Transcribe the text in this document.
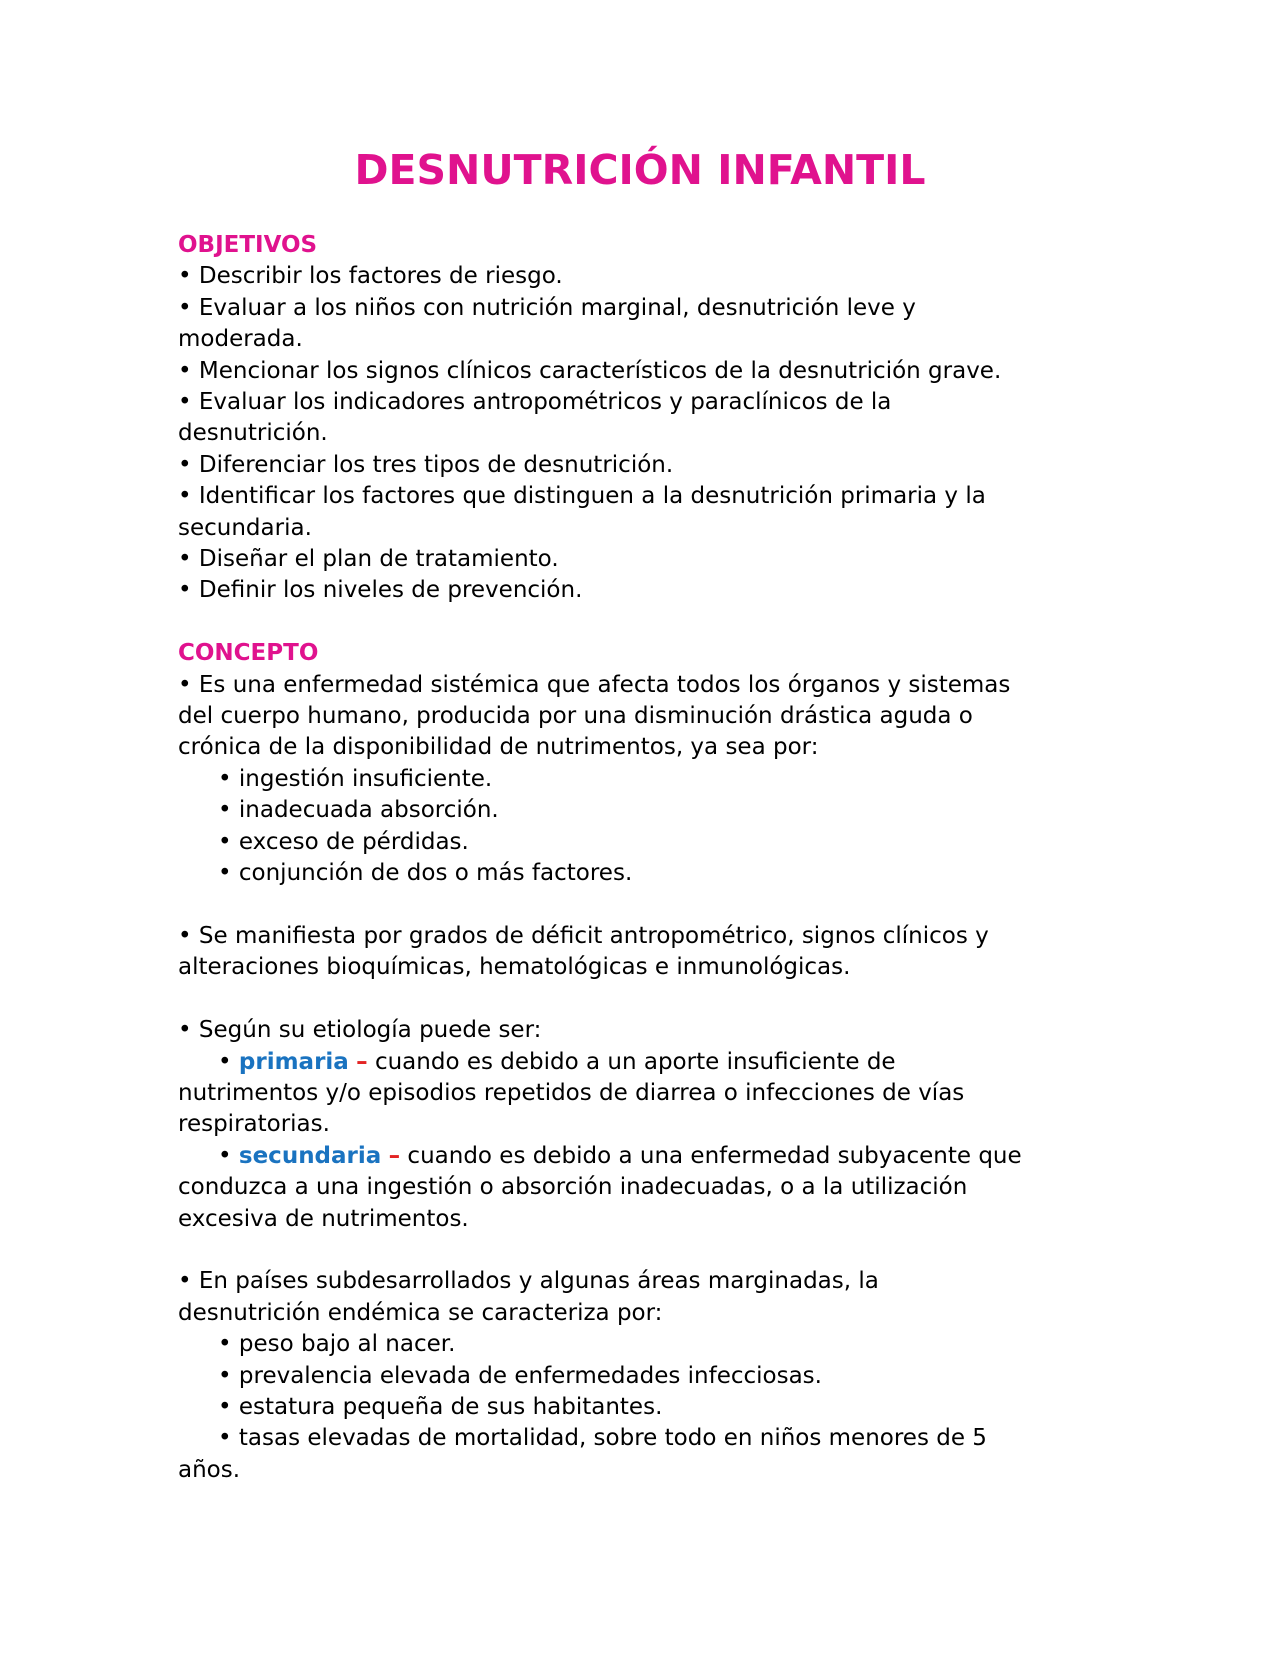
DESNUTRICIÓN INFANTIL

OBJETIVOS

• Describir los factores de riesgo.

• Evaluar a los niños con nutrición marginal, desnutrición leve y

moderada.

• Mencionar los signos clínicos característicos de la desnutrición grave.

• Evaluar los indicadores antropométricos y paraclínicos de la

desnutrición.

• Diferenciar los tres tipos de desnutrición.

• Identificar los factores que distinguen a la desnutrición primaria y la

secundaria.

• Diseñar el plan de tratamiento.

• Definir los niveles de prevención.

CONCEPTO

• Es una enfermedad sistémica que afecta todos los órganos y sistemas

del cuerpo humano, producida por una disminución drástica aguda o

crónica de la disponibilidad de nutrimentos, ya sea por:

• ingestión insuficiente.

• inadecuada absorción.

• exceso de pérdidas.

• conjunción de dos o más factores.

• Se manifiesta por grados de déficit antropométrico, signos clínicos y

alteraciones bioquímicas, hematológicas e inmunológicas.

• Según su etiología puede ser:

• primaria – cuando es debido a un aporte insuficiente de

nutrimentos y/o episodios repetidos de diarrea o infecciones de vías

respiratorias.

• secundaria – cuando es debido a una enfermedad subyacente que

conduzca a una ingestión o absorción inadecuadas, o a la utilización

excesiva de nutrimentos.

• En países subdesarrollados y algunas áreas marginadas, la

desnutrición endémica se caracteriza por:

• peso bajo al nacer.

• prevalencia elevada de enfermedades infecciosas.

• estatura pequeña de sus habitantes.

• tasas elevadas de mortalidad, sobre todo en niños menores de 5

años.
